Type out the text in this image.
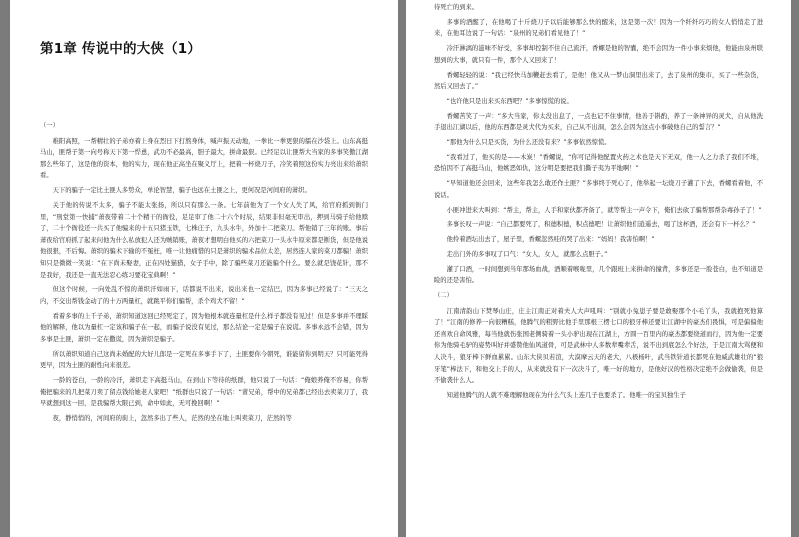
第1章 传说中的大侠（1）

（一）

稚阳高照，一帮精壮的子弟亦着上身在烈日下打熬身体，喊声振天动地，一拳比一拳更狠的擂在沙袋上。山东高挺马山，匪帮子第一向号称天下第一悍恿，武功不必最高，胆子最大，拼命最狠。已经足以让匪帮大当家的多事笑傲江湖那么些年了，这是他的资本，他的实力，现在他正高坐在聚义厅上，把着一杯烧刀子，冷笑着照这份实力亮出来给萧织看。

天下的骗子一定比土匪人多势众，单论智慧，骗子也远在土匪之上，更何况是河间府的萧织。

关于他的传说不太多，骗子不能太张扬，所以只有那么一条。七年前他为了一个女人失了风，给官府抓到衙门里，“刑堂第一快捕”萧夜带着二十个精干的衙役，足足审了他二十六个时辰，结果非但毫无审出，押到马骑子给他赎了，二十个衙役还一共买了他骗来的十五只猪玉铁，七株庄子，九头水牛，外加十二把菜刀。帮他销了三年的账。事后萧夜给官府抓了起来问他为什么私放犯人还为贼销账，萧夜才想明白他买的六把菜刀一头水牛原来都是断货，但是他说他很狠，不后悔。萧织的骗术下输的不冤枉，唯一让他痛惜的只是萧织的骗术品位太差，居然连人家的菜刀都骗！萧织知只是微微一笑说：“在下尚未娶妻，正在四处猫猎，女子手中，除了骗些菜刀还能骗个什么。要么就是饶花针，那不是我好，我还是一直无法忍心练习要花宝典啊！”

但这个时候，一向处乱不惊的萧织汗如雨下，话都说不出来，说出来也一定结巴，因为多事已经说了：“三天之内，不交出帮钱金动了的十万两量杠，就跳平你们骗帮，杀个鸡犬不留！”

看着多事的上千子弟，萧织知道这回已经死定了，因为他根本就连量杠是什么样子都没有见过！但是多事并不理睬他的解释，他以为量杠一定该和骗子在一起，而骗子说没有见过，那么结论一定是骗子在说谎。多事永远不会错，因为多事是土匪，萧织一定在撒谎，因为萧织是骗子。

所以萧织知道自己这尚未婚配的大好儿郎是一定死在多事手下了，土匪要你今朝死，谁能留你到明天？只可能死得更早，因为土匪的耐性向来很差。

一龄的苍白，一龄的冷汗，萧织走下高挺马山，在到山下等待的纸群，他只说了一句话：“俺娘养俺不容易，你帮俺把骗来的几把菜刀卖了留点钱给她老人家吧！”纸群也只说了一句话：“莆兄弟，帮中的兄弟都已经出去卖菜刀了，我早就想到这一回，是我骗帮大限已到，命中如此，无可挽回啊！”

夜，静悄悄的，河间府的街上，忽然多出了些人，茫然的坐在地上叫卖菜刀，茫然的等

待死亡的到来。

多事的酒醒了，在他喝了十斤烧刀子以后能够那么快的醒来，这是第一次！因为一个纤纤巧巧的女人悄悄走了进来，在他耳边说了一句话：“泉州的兄弟们看见他了！”

冷汗淋漓的滋味不好受，多事却控制不住自己流汗，香螺是他的智囊，绝不会因为一件小事来烦他，他能由泉州联想到的大事，就只有一件，那个人又回来了！

香螺轻轻的说：“我已经快马加鞭赶去看了，是他！他又从一梦山洞里出来了，去了泉州的集市，买了一些杂货，然后又回去了。”

“也许他只是出来买东西吧？”多事惊慌的说。

香螺苦笑了一声：“多大当家，你太没出息了，一点也记不住事情，他善于斟酌，养了一条神异的灵犬，自从他洗手退出江湖以后，他的东西都是灵犬代为买来，自己从不出洞，怎么会因为这点小事破他自己的誓言？”

“那他为什么只是买货，为什么还没有来？”多事依然惊慌。

“我看过了，他买的是——木炭！”香螺说，“你可记得他配置火药之术也是天下无双，他一人之力杀了我们不堆，恐怕因不了高挺马山，他嫉恶如仇，这分明是要把我们撕子夷为平地啊！”

“早知道他还会回来，这些年我怎么敢还作土匪？”多事终于死心了，他举起一坛烧刀子灌了下去，香螺看着他，不说话。

小匪冲进来大叫到：“帮主，帮主，人手和家伙都齐备了，就等帮主一声令下，俺们去砍了骗帮那帮杂毒孙子了！”

多事长叹一声说：“自己都要死了，积德积德，积点德吧！让萧织他们逍遥去，喝了这杯酒，还会有下一杯么？”

他拎着酒坛出去了，屋子里，香螺忽然哇的哭了出来：“妈妈！我害怕啊！”

走出门外的多事叹了口气：“女人，女人，就那么点胆子。”

灌了口酒，一时间想到当年那场血战，酒顺着喉咙里，几个跟班上来拼命的撞背，多事还是一脸苍白，也不知道是睑的还是害怕。

（二）

江南清韵山下焚琴山庄，庄主江南正对着夫人大声吼叫：“别就小兔崽子要是敢娶那个小毛丫头，我就抱死他算了！”江南的修养一向很糟糕，他腾气的粗野比他手里那根三楞七口的狼牙棒还要让江湖中的豪杰们畏惧，可是偏偏他还喜欢自命风雅，每当他就伤张国老侧骑着一头小驴出现在江湖上，方圆一百里内的豪杰都要绕道而行，因为他一定要你为他骑毛驴的姿势叫好并盛赞他仙风道骨，可是武林中人多数辈嘴辈舌，说不出到底怎么个好法，于是江南大骂便和人决斗，狼牙棒下鲜血累累。山东大侠贝若渲，大漠摩云天的老大，八极杨叶，武当铁针道长都死在他威武雄壮的“狼牙笔”棒法下，和他交上手的人，从来就没有下一次决斗了，唯一好的地方，是他好汉的性格决定绝不会做偷袭，但是不偷袭什么人。

知道他腾气的人就不难理解他现在为什么气头上连几子也要杀了。他唯一的宝贝独生子
